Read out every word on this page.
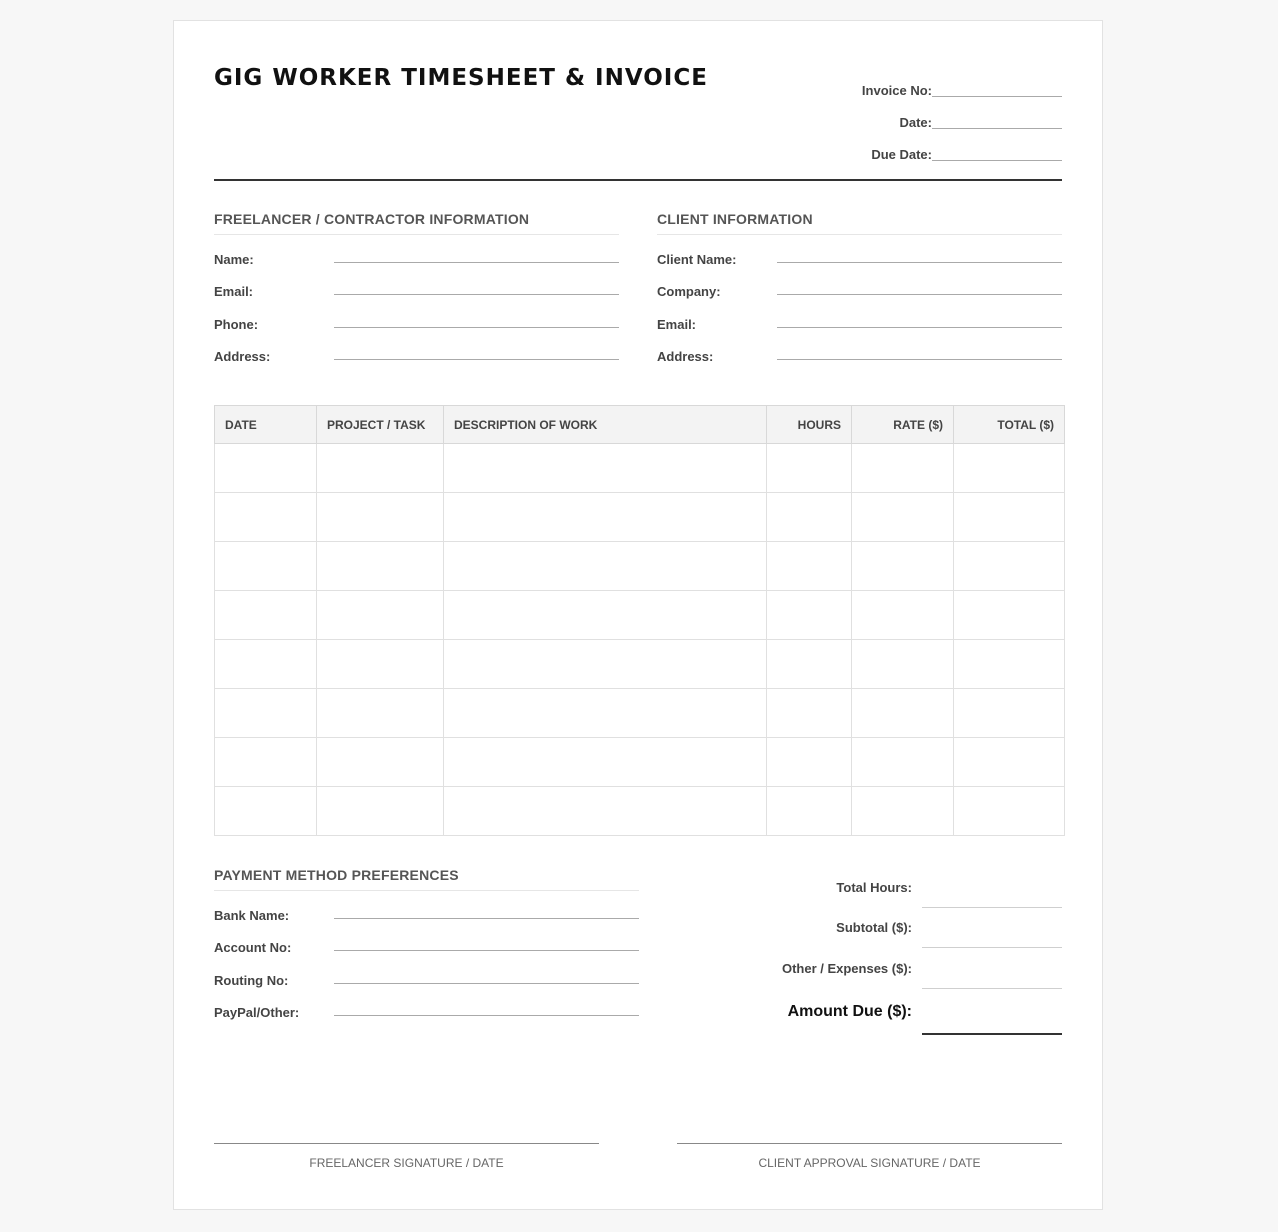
GIG WORKER TIMESHEET & INVOICE	Invoice No:
Date:
Due Date:
FREELANCER / CONTRACTOR INFORMATION
Name:
Email:
Phone:
Address:
CLIENT INFORMATION
Client Name:
Company:
Email:
Address:
DATE	PROJECT / TASK	DESCRIPTION OF WORK	HOURS	RATE ($)	TOTAL ($)

PAYMENT METHOD PREFERENCES
Bank Name:
Account No:
Routing No:
PayPal/Other:
Total Hours:
Subtotal ($):
Other / Expenses ($):
Amount Due ($):
FREELANCER SIGNATURE / DATE	CLIENT APPROVAL SIGNATURE / DATE
